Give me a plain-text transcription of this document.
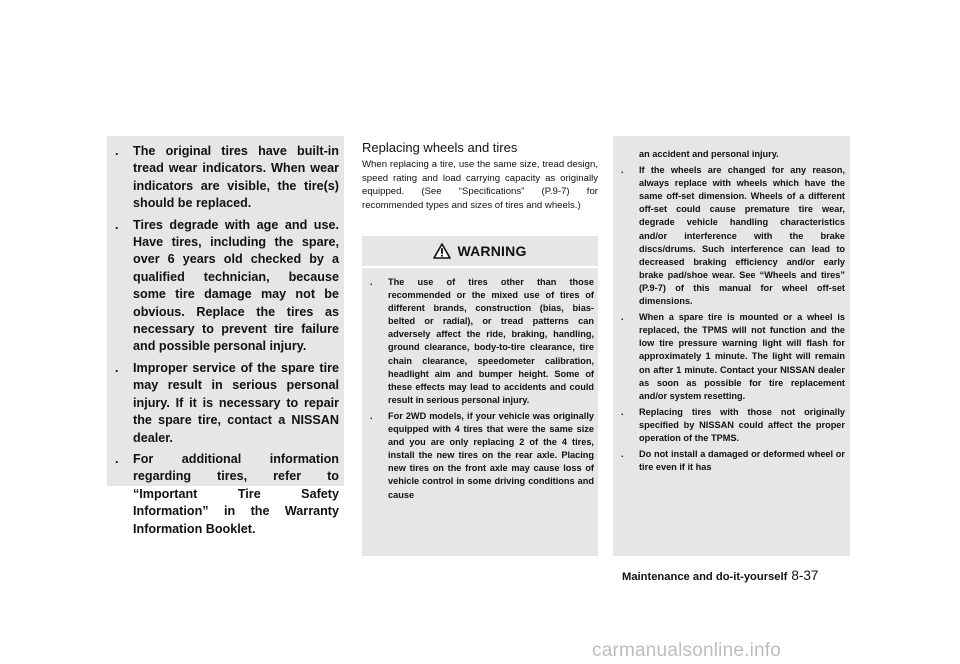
. The original tires have built-in tread wear indicators. When wear indicators are visible, the tire(s) should be replaced.
. Tires degrade with age and use. Have tires, including the spare, over 6 years old checked by a qualified technician, because some tire damage may not be obvious. Replace the tires as necessary to prevent tire failure and possible personal injury.
. Improper service of the spare tire may result in serious personal injury. If it is necessary to repair the spare tire, contact a NISSAN dealer.
. For additional information regarding tires, refer to “Important Tire Safety Information” in the Warranty Information Booklet.
Replacing wheels and tires

When replacing a tire, use the same size, tread design, speed rating and load carrying capacity as originally equipped. (See “Specifications” (P.9-7) for recommended types and sizes of tires and wheels.)

WARNING
. The use of tires other than those recommended or the mixed use of tires of different brands, construction (bias, bias-belted or radial), or tread patterns can adversely affect the ride, braking, handling, ground clearance, body-to-tire clearance, tire chain clearance, speedometer calibration, headlight aim and bumper height. Some of these effects may lead to accidents and could result in serious personal injury.
. For 2WD models, if your vehicle was originally equipped with 4 tires that were the same size and you are only replacing 2 of the 4 tires, install the new tires on the rear axle. Placing new tires on the front axle may cause loss of vehicle control in some driving conditions and cause
an accident and personal injury.
. If the wheels are changed for any reason, always replace with wheels which have the same off-set dimension. Wheels of a different off-set could cause premature tire wear, degrade vehicle handling characteristics and/or interference with the brake discs/drums. Such interference can lead to decreased braking efficiency and/or early brake pad/shoe wear. See “Wheels and tires” (P.9-7) of this manual for wheel off-set dimensions.
. When a spare tire is mounted or a wheel is replaced, the TPMS will not function and the low tire pressure warning light will flash for approximately 1 minute. The light will remain on after 1 minute. Contact your NISSAN dealer as soon as possible for tire replacement and/or system resetting.
. Replacing tires with those not originally specified by NISSAN could affect the proper operation of the TPMS.
. Do not install a damaged or deformed wheel or tire even if it has
Maintenance and do-it-yourself 8-37
carmanualsonline.info
